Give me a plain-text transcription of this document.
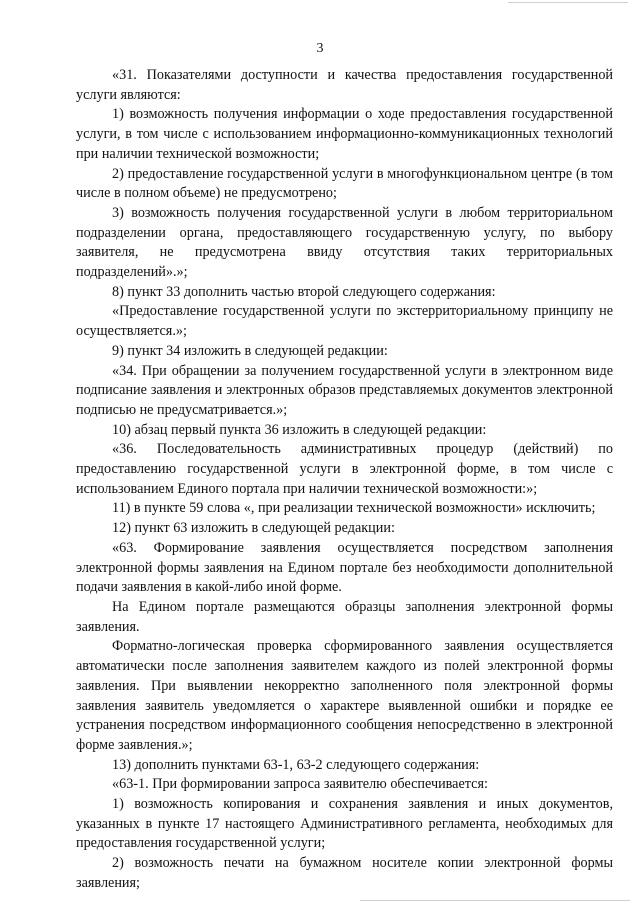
3

«31. Показателями доступности и качества предоставления государственной услуги являются:

1) возможность получения информации о ходе предоставления государственной услуги, в том числе с использованием информационно-коммуникационных технологий при наличии технической возможности;

2) предоставление государственной услуги в многофункциональном центре (в том числе в полном объеме) не предусмотрено;

3) возможность получения государственной услуги в любом территориальном подразделении органа, предоставляющего государственную услугу, по выбору заявителя, не предусмотрена ввиду отсутствия таких территориальных подразделений».»;

8) пункт 33 дополнить частью второй следующего содержания:

«Предоставление государственной услуги по экстерриториальному принципу не осуществляется.»;

9) пункт 34 изложить в следующей редакции:

«34. При обращении за получением государственной услуги в электронном виде подписание заявления и электронных образов представляемых документов электронной подписью не предусматривается.»;

10) абзац первый пункта 36 изложить в следующей редакции:

«36. Последовательность административных процедур (действий) по предоставлению государственной услуги в электронной форме, в том числе с использованием Единого портала при наличии технической возможности:»;

11) в пункте 59 слова «, при реализации технической возможности» исключить;

12) пункт 63 изложить в следующей редакции:

«63. Формирование заявления осуществляется посредством заполнения электронной формы заявления на Едином портале без необходимости дополнительной подачи заявления в какой-либо иной форме.

На Едином портале размещаются образцы заполнения электронной формы заявления.

Форматно-логическая проверка сформированного заявления осуществляется автоматически после заполнения заявителем каждого из полей электронной формы заявления. При выявлении некорректно заполненного поля электронной формы заявления заявитель уведомляется о характере выявленной ошибки и порядке ее устранения посредством информационного сообщения непосредственно в электронной форме заявления.»;

13) дополнить пунктами 63-1, 63-2 следующего содержания:

«63-1. При формировании запроса заявителю обеспечивается:

1) возможность копирования и сохранения заявления и иных документов, указанных в пункте 17 настоящего Административного регламента, необходимых для предоставления государственной услуги;

2) возможность печати на бумажном носителе копии электронной формы заявления;
